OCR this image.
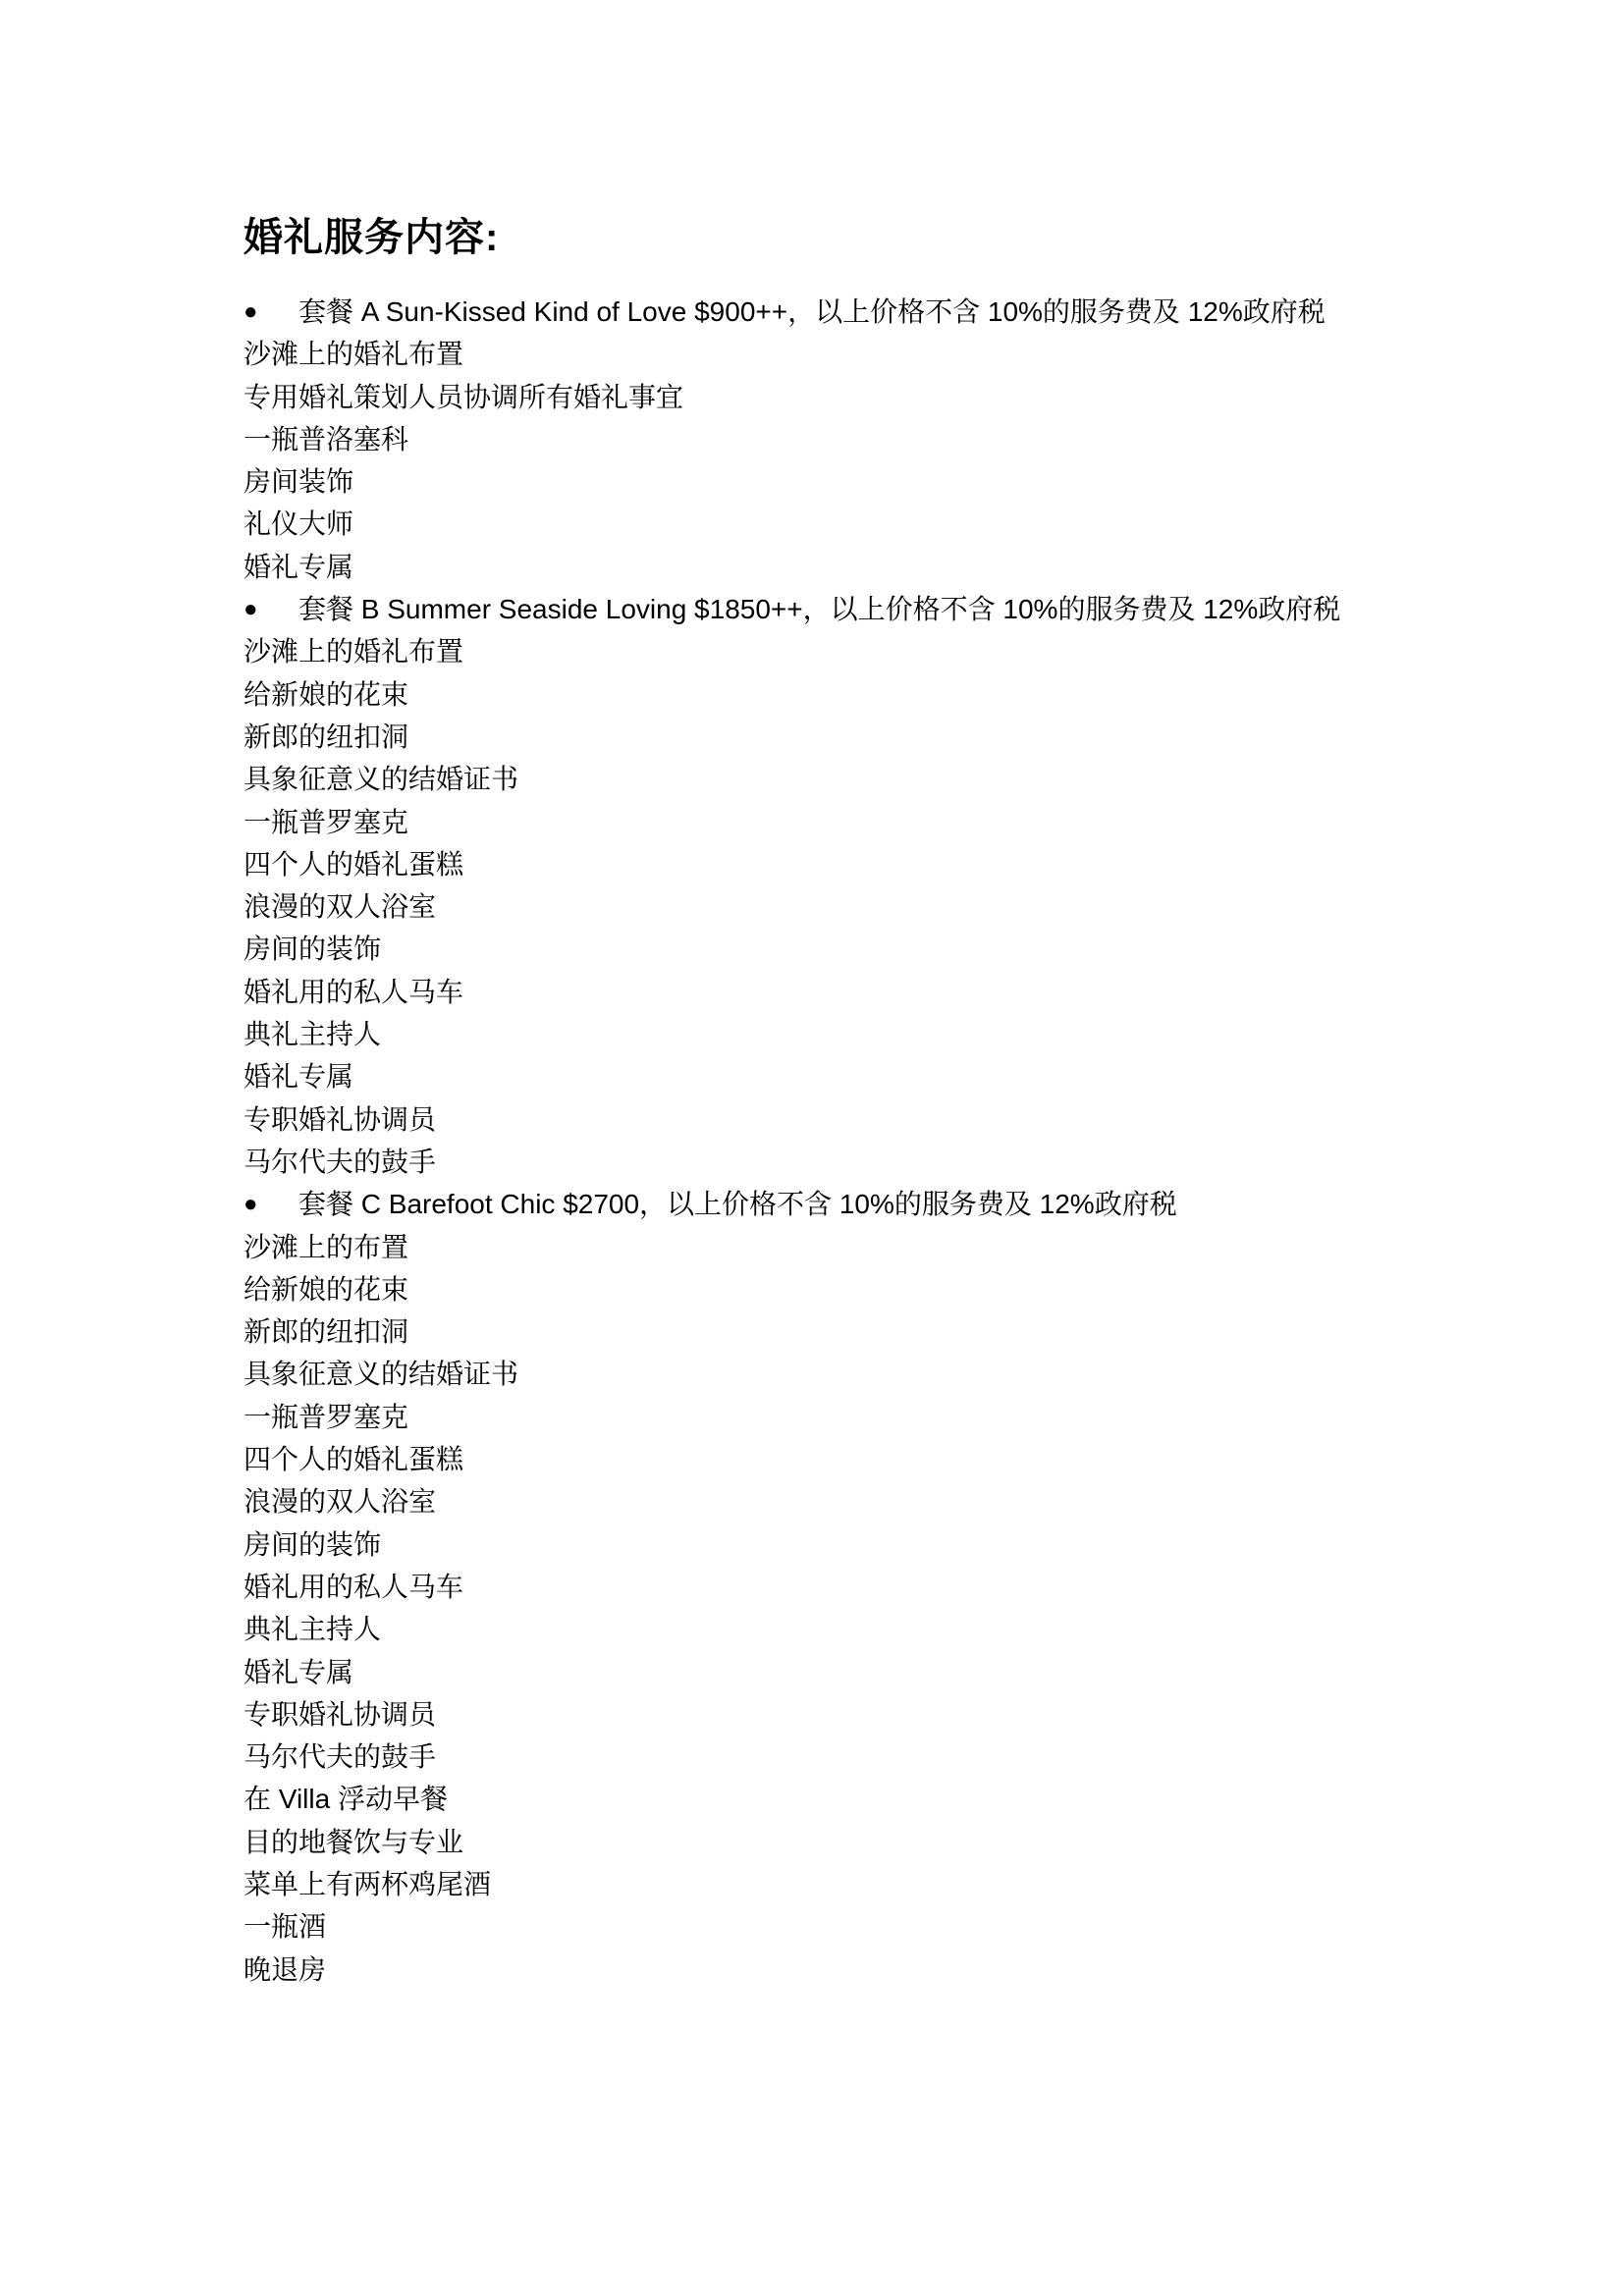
婚礼服务内容:
●	套餐 A Sun-Kissed Kind of Love $900++，以上价格不含 10%的服务费及 12%政府税
沙滩上的婚礼布置
专用婚礼策划人员协调所有婚礼事宜
一瓶普洛塞科
房间装饰
礼仪大师
婚礼专属
●	套餐 B Summer Seaside Loving $1850++，以上价格不含 10%的服务费及 12%政府税
沙滩上的婚礼布置
给新娘的花束
新郎的纽扣洞
具象征意义的结婚证书
一瓶普罗塞克
四个人的婚礼蛋糕
浪漫的双人浴室
房间的装饰
婚礼用的私人马车
典礼主持人
婚礼专属
专职婚礼协调员
马尔代夫的鼓手
●	套餐 C Barefoot Chic $2700，以上价格不含 10%的服务费及 12%政府税
沙滩上的布置
给新娘的花束
新郎的纽扣洞
具象征意义的结婚证书
一瓶普罗塞克
四个人的婚礼蛋糕
浪漫的双人浴室
房间的装饰
婚礼用的私人马车
典礼主持人
婚礼专属
专职婚礼协调员
马尔代夫的鼓手
在 Villa 浮动早餐
目的地餐饮与专业
菜单上有两杯鸡尾酒
一瓶酒
晚退房
